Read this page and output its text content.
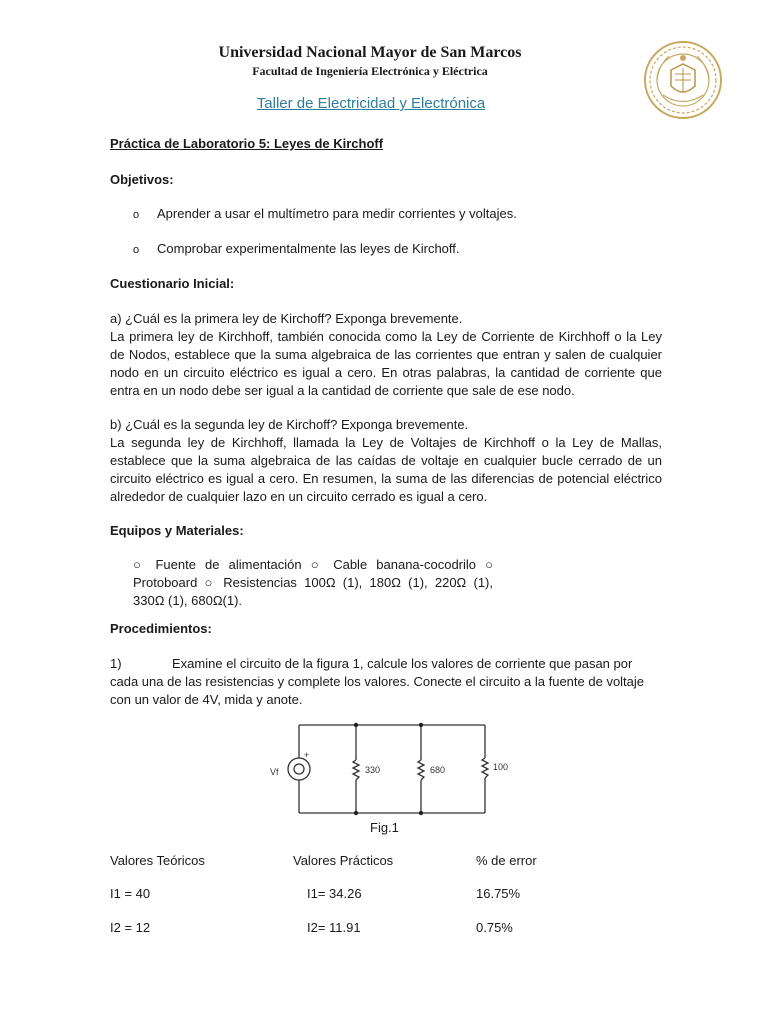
Universidad Nacional Mayor de San Marcos
Facultad de Ingeniería Electrónica y Eléctrica
Taller de Electricidad y Electrónica
Práctica de Laboratorio 5: Leyes de Kirchoff
Objetivos:
o Aprender a usar el multímetro para medir corrientes y voltajes.
o Comprobar experimentalmente las leyes de Kirchoff.
Cuestionario Inicial:
a) ¿Cuál es la primera ley de Kirchoff? Exponga brevemente.

La primera ley de Kirchhoff, también conocida como la Ley de Corriente de Kirchhoff o la Ley de Nodos, establece que la suma algebraica de las corrientes que entran y salen de cualquier nodo en un circuito eléctrico es igual a cero. En otras palabras, la cantidad de corriente que entra en un nodo debe ser igual a la cantidad de corriente que sale de ese nodo.

b) ¿Cuál es la segunda ley de Kirchoff? Exponga brevemente.

La segunda ley de Kirchhoff, llamada la Ley de Voltajes de Kirchhoff o la Ley de Mallas, establece que la suma algebraica de las caídas de voltaje en cualquier bucle cerrado de un circuito eléctrico es igual a cero. En resumen, la suma de las diferencias de potencial eléctrico alrededor de cualquier lazo en un circuito cerrado es igual a cero.

Equipos y Materiales:
○ Fuente de alimentación ○ Cable banana-cocodrilo ○ Protoboard ○ Resistencias 100Ω (1), 180Ω (1), 220Ω (1), 330Ω (1), 680Ω(1).
Procedimientos:
1)	Examine el circuito de la figura 1, calcule los valores de corriente que pasan por cada una de las resistencias y complete los valores. Conecte el circuito a la fuente de voltaje con un valor de 4V, mida y anote.
Vf
+
330	680	100
Fig.1
Valores Teóricos	Valores Prácticos	% de error
I1 = 40	I1= 34.26	16.75%
I2 = 12	I2= 11.91	0.75%
